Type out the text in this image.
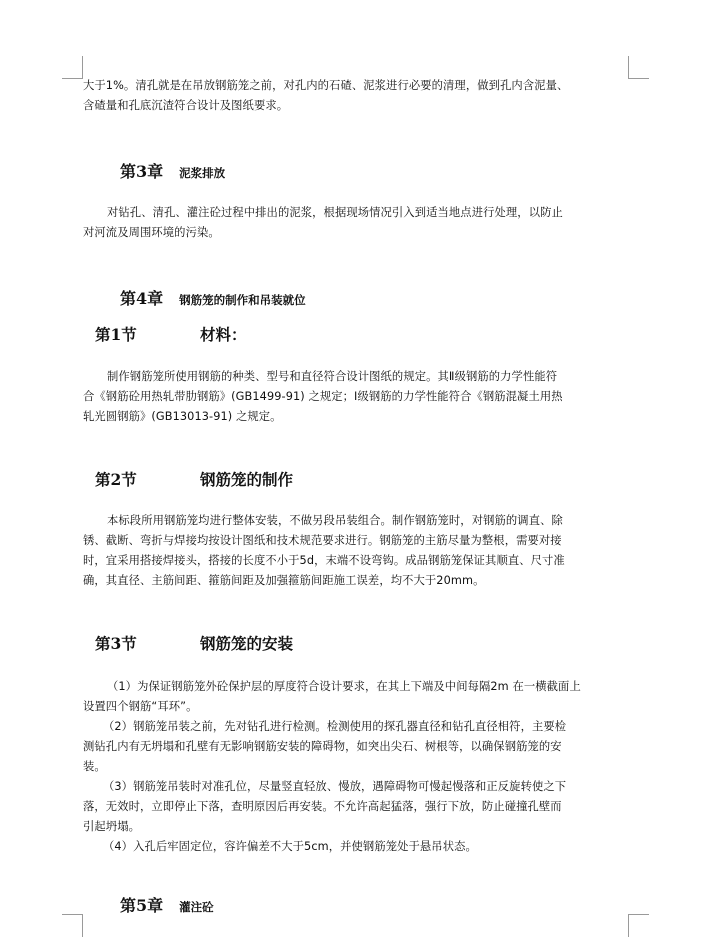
大于1%。清孔就是在吊放钢筋笼之前，对孔内的石碴、泥浆进行必要的清理，做到孔内含泥量、
含碴量和孔底沉渣符合设计及图纸要求。
第3章 泥浆排放
对钻孔、清孔、灌注砼过程中排出的泥浆，根据现场情况引入到适当地点进行处理，以防止
对河流及周围环境的污染。
第4章 钢筋笼的制作和吊装就位
第1节	材料：
制作钢筋笼所使用钢筋的种类、型号和直径符合设计图纸的规定。其Ⅱ级钢筋的力学性能符
合《钢筋砼用热轧带肋钢筋》(GB1499-91) 之规定；Ⅰ级钢筋的力学性能符合《钢筋混凝土用热
轧光圆钢筋》(GB13013-91) 之规定。
第2节	钢筋笼的制作
本标段所用钢筋笼均进行整体安装，不做另段吊装组合。制作钢筋笼时，对钢筋的调直、除
锈、截断、弯折与焊接均按设计图纸和技术规范要求进行。钢筋笼的主筋尽量为整根，需要对接
时，宜采用搭接焊接头，搭接的长度不小于5d，末端不设弯钩。成品钢筋笼保证其顺直、尺寸准
确，其直径、主筋间距、箍筋间距及加强箍筋间距施工误差，均不大于20mm。
第3节	钢筋笼的安装
（1）为保证钢筋笼外砼保护层的厚度符合设计要求，在其上下端及中间每隔2m 在一横截面上
设置四个钢筋“耳环”。
（2）钢筋笼吊装之前，先对钻孔进行检测。检测使用的探孔器直径和钻孔直径相符，主要检
测钻孔内有无坍塌和孔壁有无影响钢筋安装的障碍物，如突出尖石、树根等，以确保钢筋笼的安
装。
（3）钢筋笼吊装时对准孔位，尽量竖直轻放、慢放，遇障碍物可慢起慢落和正反旋转使之下
落，无效时，立即停止下落，查明原因后再安装。不允许高起猛落，强行下放，防止碰撞孔壁而
引起坍塌。
（4）入孔后牢固定位，容许偏差不大于5cm，并使钢筋笼处于悬吊状态。
第5章 灌注砼
